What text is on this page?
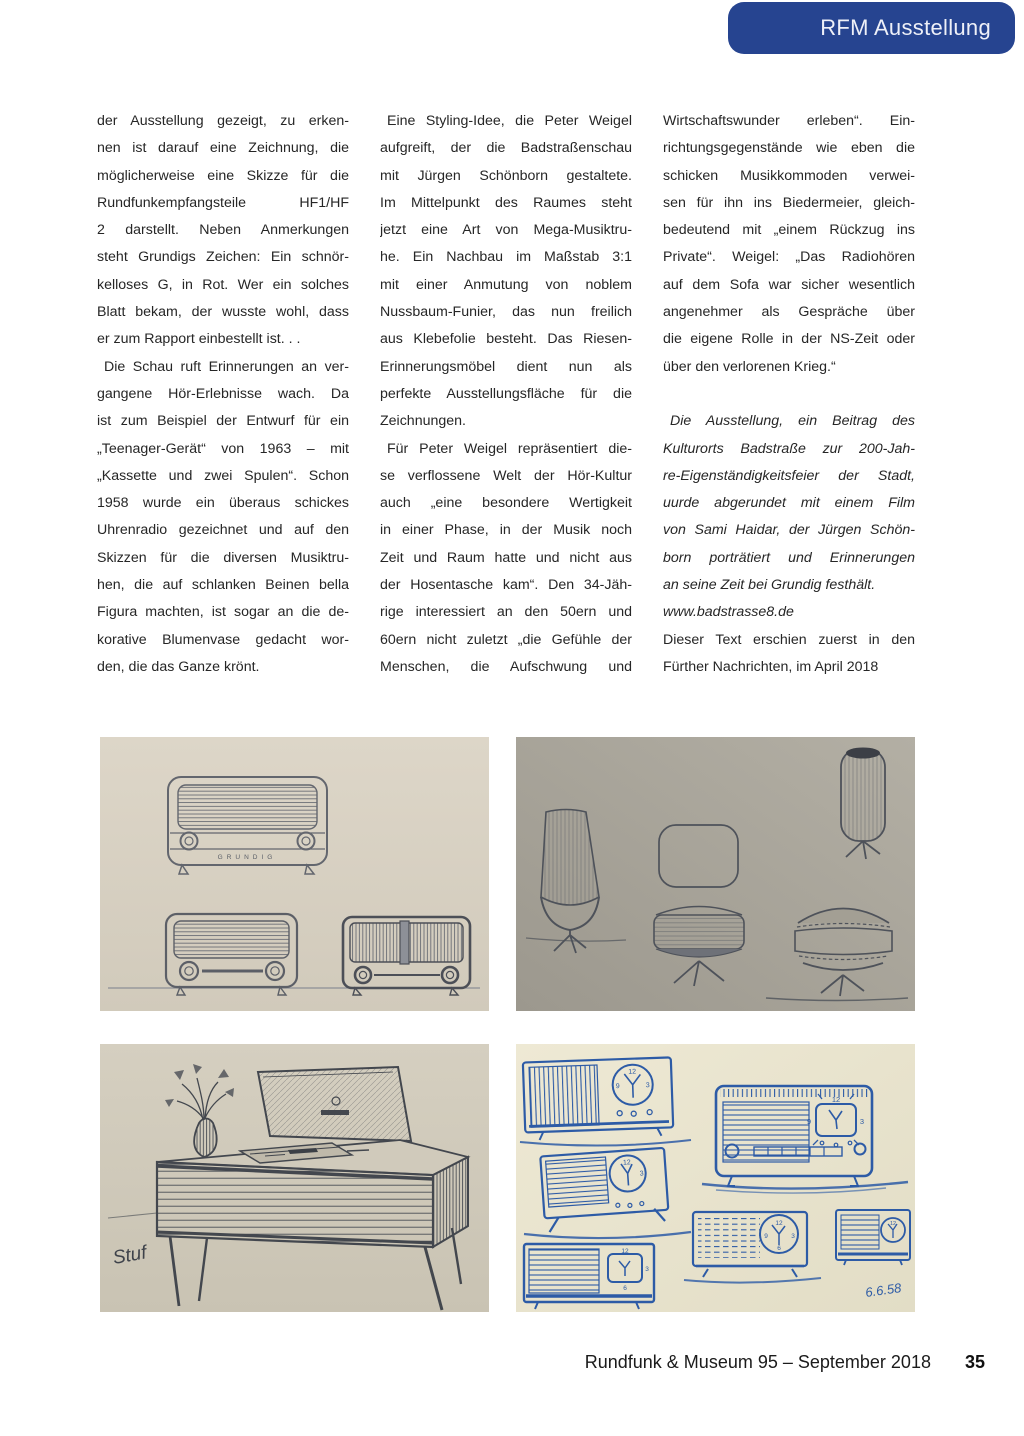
RFM Ausstellung
der Ausstellung gezeigt, zu erken-
nen ist darauf eine Zeichnung, die
möglicherweise eine Skizze für die
Rundfunkempfangsteile HF1/HF
2 darstellt. Neben Anmerkungen
steht Grundigs Zeichen: Ein schnör-
kelloses G, in Rot. Wer ein solches
Blatt bekam, der wusste wohl, dass
er zum Rapport einbestellt ist. . .
Die Schau ruft Erinnerungen an ver-
gangene Hör-Erlebnisse wach. Da
ist zum Beispiel der Entwurf für ein
„Teenager-Gerät“ von 1963 – mit
„Kassette und zwei Spulen“. Schon
1958 wurde ein überaus schickes
Uhrenradio gezeichnet und auf den
Skizzen für die diversen Musiktru-
hen, die auf schlanken Beinen bella
Figura machten, ist sogar an die de-
korative Blumenvase gedacht wor-
den, die das Ganze krönt.
Eine Styling-Idee, die Peter Weigel
aufgreift, der die Badstraßenschau
mit Jürgen Schönborn gestaltete.
Im Mittelpunkt des Raumes steht
jetzt eine Art von Mega-Musiktru-
he. Ein Nachbau im Maßstab 3:1
mit einer Anmutung von noblem
Nussbaum-Funier, das nun freilich
aus Klebefolie besteht. Das Riesen-
Erinnerungsmöbel dient nun als
perfekte Ausstellungsfläche für die
Zeichnungen.
Für Peter Weigel repräsentiert die-
se verflossene Welt der Hör-Kultur
auch „eine besondere Wertigkeit
in einer Phase, in der Musik noch
Zeit und Raum hatte und nicht aus
der Hosentasche kam“. Den 34-Jäh-
rige interessiert an den 50ern und
60ern nicht zuletzt „die Gefühle der
Menschen, die Aufschwung und
Wirtschaftswunder erleben“. Ein-
richtungsgegenstände wie eben die
schicken Musikkommoden verwei-
sen für ihn ins Biedermeier, gleich-
bedeutend mit „einem Rückzug ins
Private“. Weigel: „Das Radiohören
auf dem Sofa war sicher wesentlich
angenehmer als Gespräche über
die eigene Rolle in der NS-Zeit oder
über den verlorenen Krieg.“

Die Ausstellung, ein Beitrag des
Kulturorts Badstraße zur 200-Jah-
re-Eigenständigkeitsfeier der Stadt,
uurde abgerundet mit einem Film
von Sami Haidar, der Jürgen Schön-
born porträtiert und Erinnerungen
an seine Zeit bei Grundig festhält.
www.badstrasse8.de
Dieser Text erschien zuerst in den
Fürther Nachrichten, im April 2018
GRUNDIG
Stuf
12
3
9
12
3
12
3
6
12
9	3
12
9	3
6
12
6.6.58
Rundfunk & Museum 95 – September 2018 35
